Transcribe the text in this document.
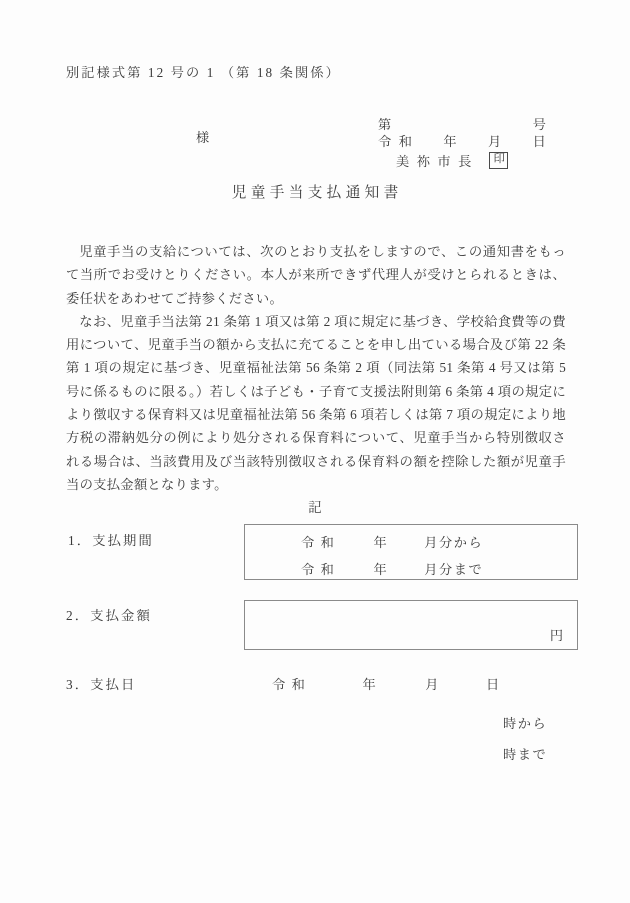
別記様式第 12 号の 1 （第 18 条関係）

第	号

令 和 年 月 日

様
美 祢 市 長	印
児童手当支払通知書

児童手当の支給については、次のとおり支払をしますので、この通知書をもって当所でお受けとりください。本人が来所できず代理人が受けとられるときは、委任状をあわせてご持参ください。

なお、児童手当法第 21 条第 1 項又は第 2 項に規定に基づき、学校給食費等の費用について、児童手当の額から支払に充てることを申し出ている場合及び第 22 条第 1 項の規定に基づき、児童福祉法第 56 条第 2 項（同法第 51 条第 4 号又は第 5 号に係るものに限る。）若しくは子ども・子育て支援法附則第 6 条第 4 項の規定により徴収する保育料又は児童福祉法第 56 条第 6 項若しくは第 7 項の規定により地方税の滞納処分の例により処分される保育料について、児童手当から特別徴収される場合は、当該費用及び当該特別徴収される保育料の額を控除した額が児童手当の支払金額となります。

記
1．支払期間	令 和	年	月分から
令 和	年	月分まで
2．支払金額
円
3．支払日	令 和	年	月	日
時から
時まで
